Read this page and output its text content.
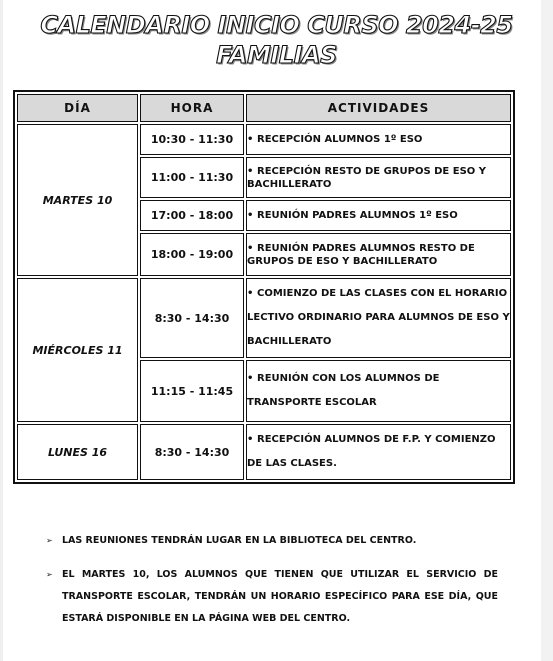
CALENDARIO INICIO CURSO 2024-25
FAMILIAS
DÍA	HORA	ACTIVIDADES
MARTES 10	10:30 - 11:30	• RECEPCIÓN ALUMNOS 1º ESO
	11:00 - 11:30	• RECEPCIÓN RESTO DE GRUPOS DE ESO Y BACHILLERATO
	17:00 - 18:00	• REUNIÓN PADRES ALUMNOS 1º ESO
	18:00 - 19:00	• REUNIÓN PADRES ALUMNOS RESTO DE GRUPOS DE ESO Y BACHILLERATO
MIÉRCOLES 11	8:30 - 14:30	• COMIENZO DE LAS CLASES CON EL HORARIO LECTIVO ORDINARIO PARA ALUMNOS DE ESO Y BACHILLERATO
	11:15 - 11:45	• REUNIÓN CON LOS ALUMNOS DE TRANSPORTE ESCOLAR
LUNES 16	8:30 - 14:30	• RECEPCIÓN ALUMNOS DE F.P. Y COMIENZO DE LAS CLASES.
➢ LAS REUNIONES TENDRÁN LUGAR EN LA BIBLIOTECA DEL CENTRO.
➢ EL MARTES 10, LOS ALUMNOS QUE TIENEN QUE UTILIZAR EL SERVICIO DE TRANSPORTE ESCOLAR, TENDRÁN UN HORARIO ESPECÍFICO PARA ESE DÍA, QUE ESTARÁ DISPONIBLE EN LA PÁGINA WEB DEL CENTRO.
